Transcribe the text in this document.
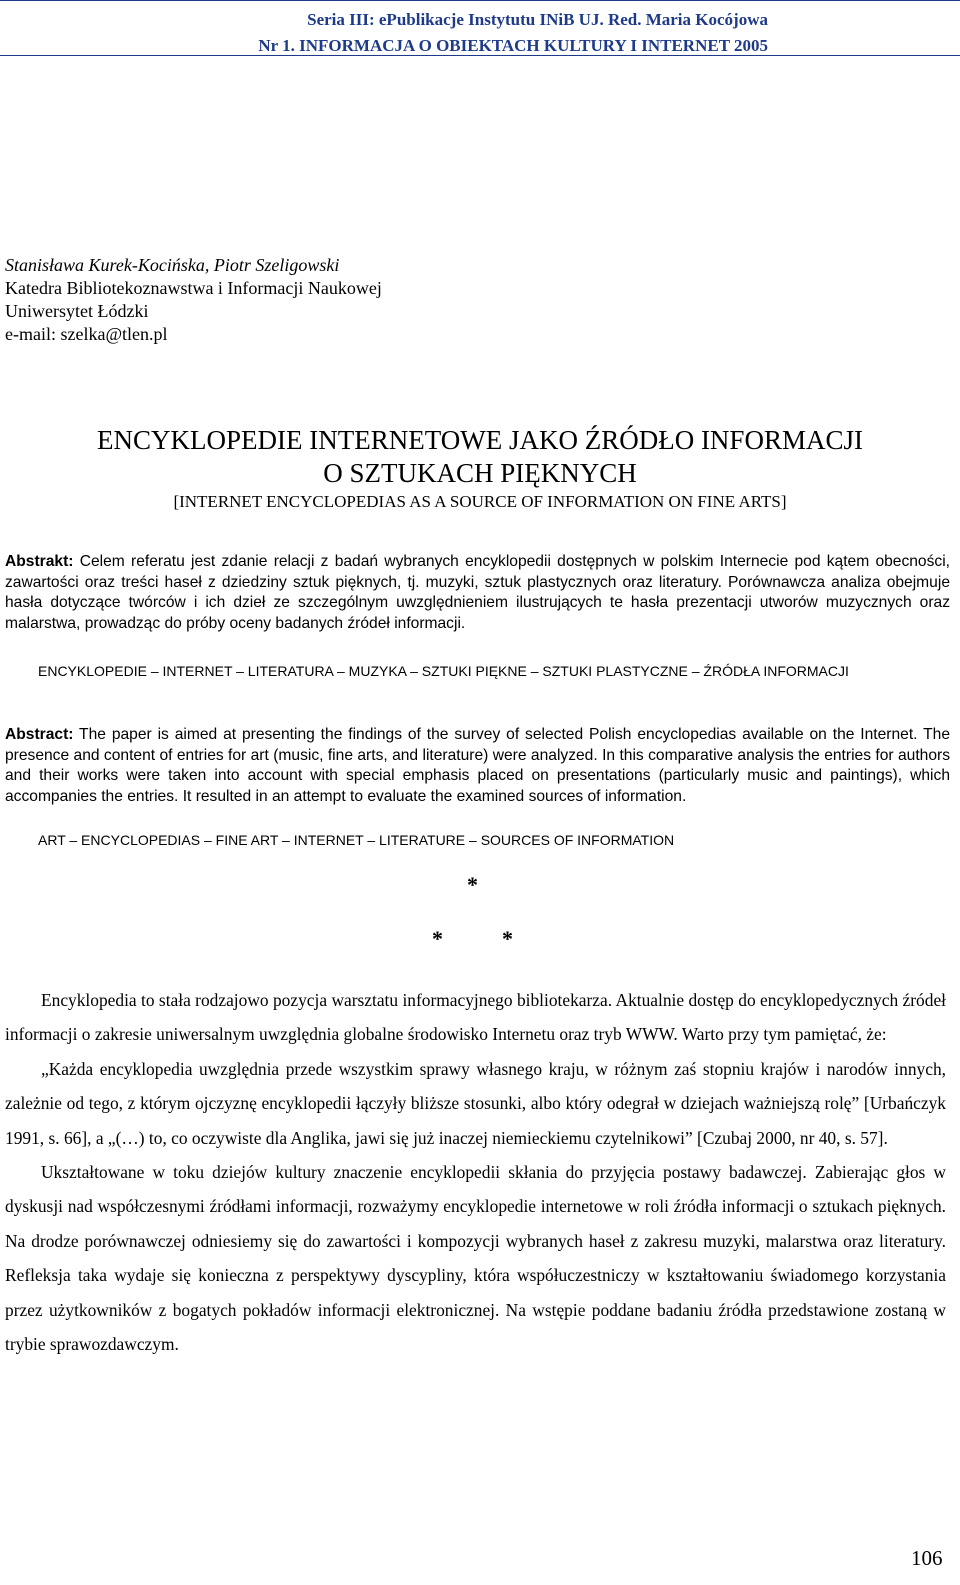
Seria III: ePublikacje Instytutu INiB UJ. Red. Maria Kocójowa
Nr 1. INFORMACJA O OBIEKTACH KULTURY I INTERNET 2005
Stanisława Kurek-Kocińska, Piotr Szeligowski
Katedra Bibliotekoznawstwa i Informacji Naukowej
Uniwersytet Łódzki
e-mail: szelka@tlen.pl
ENCYKLOPEDIE INTERNETOWE JAKO ŹRÓDŁO INFORMACJI
O SZTUKACH PIĘKNYCH
[INTERNET ENCYCLOPEDIAS AS A SOURCE OF INFORMATION ON FINE ARTS]
Abstrakt: Celem referatu jest zdanie relacji z badań wybranych encyklopedii dostępnych w polskim Internecie pod kątem obecności, zawartości oraz treści haseł z dziedziny sztuk pięknych, tj. muzyki, sztuk plastycznych oraz literatury. Porównawcza analiza obejmuje hasła dotyczące twórców i ich dzieł ze szczególnym uwzględnieniem ilustrujących te hasła prezentacji utworów muzycznych oraz malarstwa, prowadząc do próby oceny badanych źródeł informacji.
ENCYKLOPEDIE – INTERNET – LITERATURA – MUZYKA – SZTUKI PIĘKNE – SZTUKI PLASTYCZNE – ŹRÓDŁA INFORMACJI
Abstract: The paper is aimed at presenting the findings of the survey of selected Polish encyclopedias available on the Internet. The presence and content of entries for art (music, fine arts, and literature) were analyzed. In this comparative analysis the entries for authors and their works were taken into account with special emphasis placed on presentations (particularly music and paintings), which accompanies the entries. It resulted in an attempt to evaluate the examined sources of information.
ART – ENCYCLOPEDIAS – FINE ART – INTERNET – LITERATURE – SOURCES OF INFORMATION
*
*	*

Encyklopedia to stała rodzajowo pozycja warsztatu informacyjnego bibliotekarza. Aktualnie dostęp do encyklopedycznych źródeł informacji o zakresie uniwersalnym uwzględnia globalne środowisko Internetu oraz tryb WWW. Warto przy tym pamiętać, że:

„Każda encyklopedia uwzględnia przede wszystkim sprawy własnego kraju, w różnym zaś stopniu krajów i narodów innych, zależnie od tego, z którym ojczyznę encyklopedii łączyły bliższe stosunki, albo który odegrał w dziejach ważniejszą rolę” [Urbańczyk 1991, s. 66], a „(…) to, co oczywiste dla Anglika, jawi się już inaczej niemieckiemu czytelnikowi” [Czubaj 2000, nr 40, s. 57].

Ukształtowane w toku dziejów kultury znaczenie encyklopedii skłania do przyjęcia postawy badawczej. Zabierając głos w dyskusji nad współczesnymi źródłami informacji, rozważymy encyklopedie internetowe w roli źródła informacji o sztukach pięknych. Na drodze porównawczej odniesiemy się do zawartości i kompozycji wybranych haseł z zakresu muzyki, malarstwa oraz literatury. Refleksja taka wydaje się konieczna z perspektywy dyscypliny, która współuczestniczy w kształtowaniu świadomego korzystania przez użytkowników z bogatych pokładów informacji elektronicznej. Na wstępie poddane badaniu źródła przedstawione zostaną w trybie sprawozdawczym.

106
